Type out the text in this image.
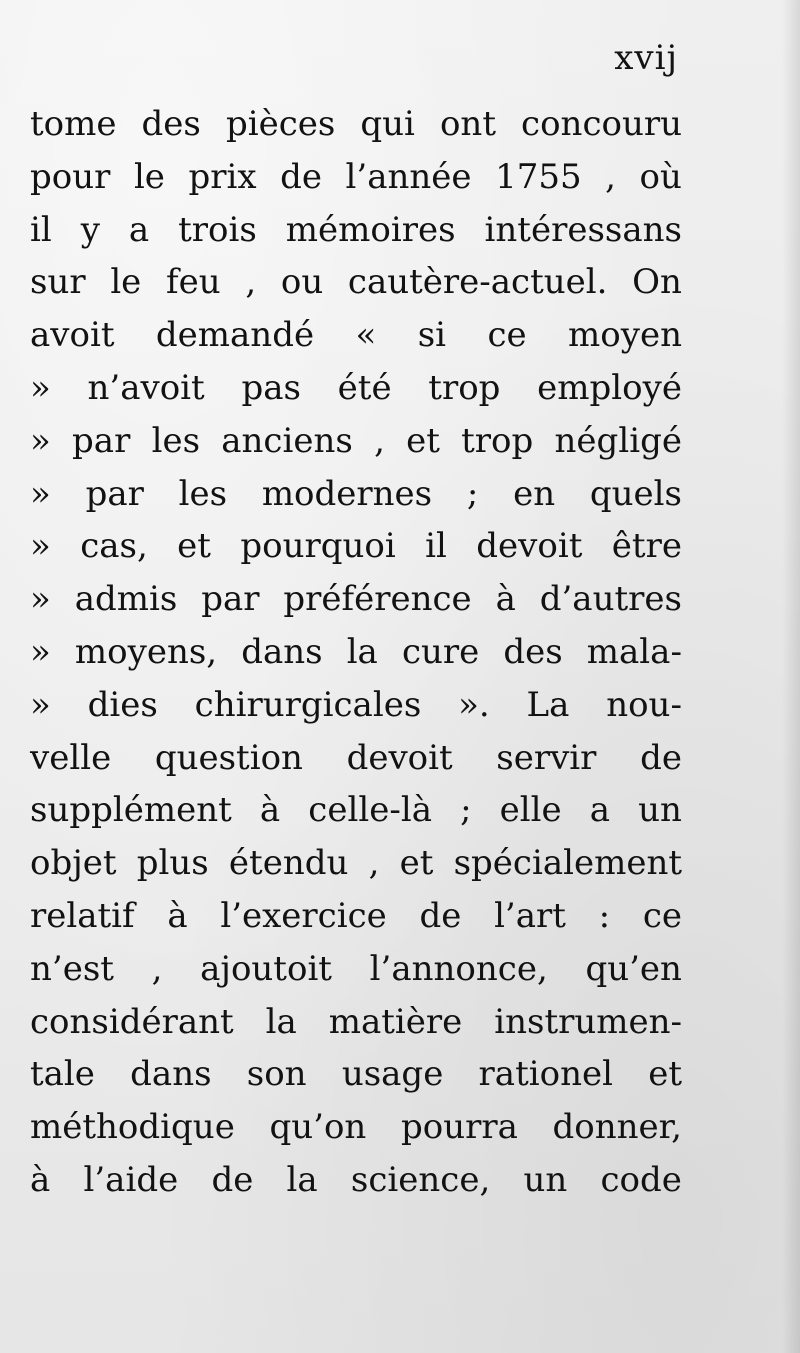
xvij

tome des pièces qui ont concouru
pour le prix de l’année 1755 , où
il y a trois mémoires intéressans
sur le feu , ou cautère-actuel. On
avoit demandé « si ce moyen
» n’avoit pas été trop employé
» par les anciens , et trop négligé
» par les modernes ; en quels
» cas, et pourquoi il devoit être
» admis par préférence à d’autres
» moyens, dans la cure des mala-
» dies chirurgicales ». La nou-
velle question devoit servir de
supplément à celle-là ; elle a un
objet plus étendu , et spécialement
relatif à l’exercice de l’art : ce
n’est , ajoutoit l’annonce, qu’en
considérant la matière instrumen-
tale dans son usage rationel et
méthodique qu’on pourra donner,
à l’aide de la science, un code
